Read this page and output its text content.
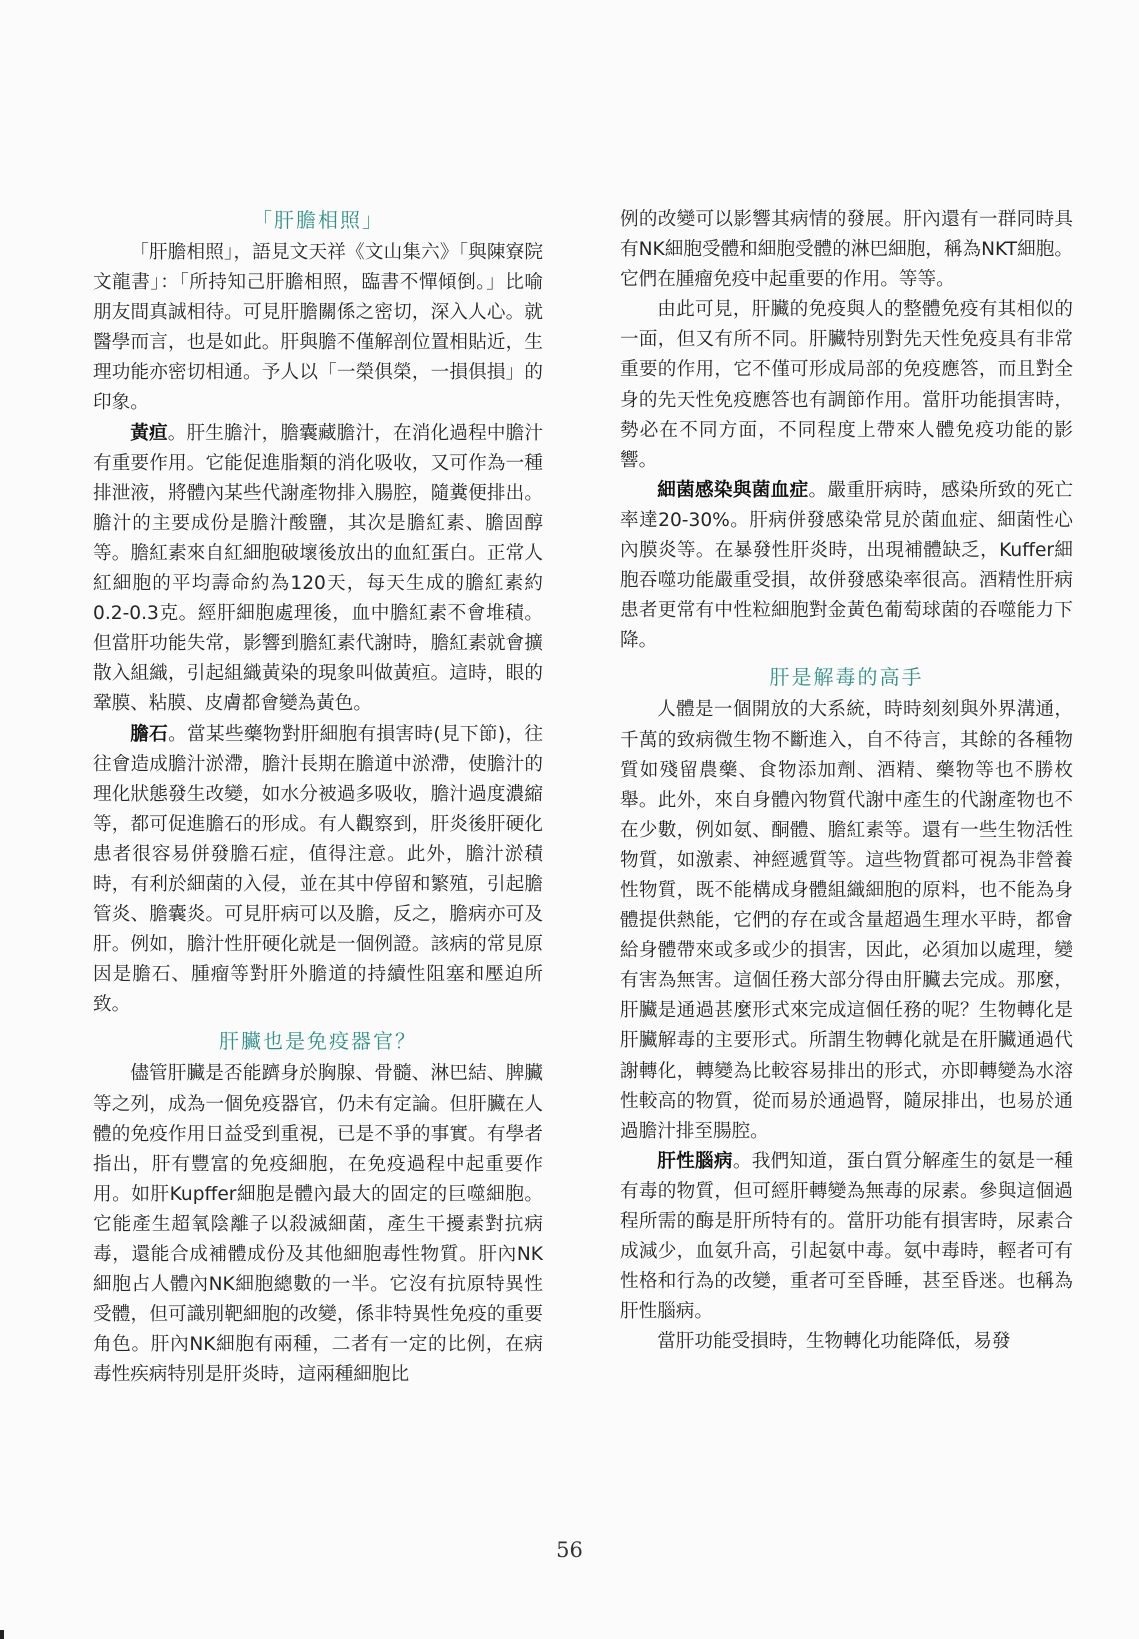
「肝膽相照」

「肝膽相照」，語見文天祥《文山集六》「與陳寮院文龍書」：「所持知己肝膽相照，臨書不憚傾倒。」比喻朋友間真誠相待。可見肝膽關係之密切，深入人心。就醫學而言，也是如此。肝與膽不僅解剖位置相貼近，生理功能亦密切相通。予人以「一榮俱榮，一損俱損」的印象。

黃疸。肝生膽汁，膽囊藏膽汁，在消化過程中膽汁有重要作用。它能促進脂類的消化吸收，又可作為一種排泄液，將體內某些代謝產物排入腸腔，隨糞便排出。膽汁的主要成份是膽汁酸鹽，其次是膽紅素、膽固醇等。膽紅素來自紅細胞破壞後放出的血紅蛋白。正常人紅細胞的平均壽命約為120天，每天生成的膽紅素約0.2-0.3克。經肝細胞處理後，血中膽紅素不會堆積。但當肝功能失常，影響到膽紅素代謝時，膽紅素就會擴散入組織，引起組織黃染的現象叫做黃疸。這時，眼的鞏膜、粘膜、皮膚都會變為黃色。

膽石。當某些藥物對肝細胞有損害時(見下節)，往往會造成膽汁淤滯，膽汁長期在膽道中淤滯，使膽汁的理化狀態發生改變，如水分被過多吸收，膽汁過度濃縮等，都可促進膽石的形成。有人觀察到，肝炎後肝硬化患者很容易併發膽石症，值得注意。此外，膽汁淤積時，有利於細菌的入侵，並在其中停留和繁殖，引起膽管炎、膽囊炎。可見肝病可以及膽，反之，膽病亦可及肝。例如，膽汁性肝硬化就是一個例證。該病的常見原因是膽石、腫瘤等對肝外膽道的持續性阻塞和壓迫所致。

肝臟也是免疫器官？

儘管肝臟是否能躋身於胸腺、骨髓、淋巴結、脾臟等之列，成為一個免疫器官，仍未有定論。但肝臟在人體的免疫作用日益受到重視，已是不爭的事實。有學者指出，肝有豐富的免疫細胞，在免疫過程中起重要作用。如肝Kupffer細胞是體內最大的固定的巨噬細胞。它能產生超氧陰離子以殺滅細菌，產生干擾素對抗病毒，還能合成補體成份及其他細胞毒性物質。肝內NK細胞占人體內NK細胞總數的一半。它沒有抗原特異性受體，但可識別靶細胞的改變，係非特異性免疫的重要角色。肝內NK細胞有兩種，二者有一定的比例，在病毒性疾病特別是肝炎時，這兩種細胞比

例的改變可以影響其病情的發展。肝內還有一群同時具有NK細胞受體和細胞受體的淋巴細胞，稱為NKT細胞。它們在腫瘤免疫中起重要的作用。等等。

由此可見，肝臟的免疫與人的整體免疫有其相似的一面，但又有所不同。肝臟特別對先天性免疫具有非常重要的作用，它不僅可形成局部的免疫應答，而且對全身的先天性免疫應答也有調節作用。當肝功能損害時，勢必在不同方面，不同程度上帶來人體免疫功能的影響。

細菌感染與菌血症。嚴重肝病時，感染所致的死亡率達20-30%。肝病併發感染常見於菌血症、細菌性心內膜炎等。在暴發性肝炎時，出現補體缺乏，Kuffer細胞吞噬功能嚴重受損，故併發感染率很高。酒精性肝病患者更常有中性粒細胞對金黃色葡萄球菌的吞噬能力下降。

肝是解毒的高手

人體是一個開放的大系統，時時刻刻與外界溝通，千萬的致病微生物不斷進入，自不待言，其餘的各種物質如殘留農藥、食物添加劑、酒精、藥物等也不勝枚舉。此外，來自身體內物質代謝中產生的代謝產物也不在少數，例如氨、酮體、膽紅素等。還有一些生物活性物質，如激素、神經遞質等。這些物質都可視為非營養性物質，既不能構成身體組織細胞的原料，也不能為身體提供熱能，它們的存在或含量超過生理水平時，都會給身體帶來或多或少的損害，因此，必須加以處理，變有害為無害。這個任務大部分得由肝臟去完成。那麼，肝臟是通過甚麼形式來完成這個任務的呢？生物轉化是肝臟解毒的主要形式。所謂生物轉化就是在肝臟通過代謝轉化，轉變為比較容易排出的形式，亦即轉變為水溶性較高的物質，從而易於通過腎，隨尿排出，也易於通過膽汁排至腸腔。

肝性腦病。我們知道，蛋白質分解產生的氨是一種有毒的物質，但可經肝轉變為無毒的尿素。參與這個過程所需的酶是肝所特有的。當肝功能有損害時，尿素合成減少，血氨升高，引起氨中毒。氨中毒時，輕者可有性格和行為的改變，重者可至昏睡，甚至昏迷。也稱為肝性腦病。

當肝功能受損時，生物轉化功能降低，易發

56
